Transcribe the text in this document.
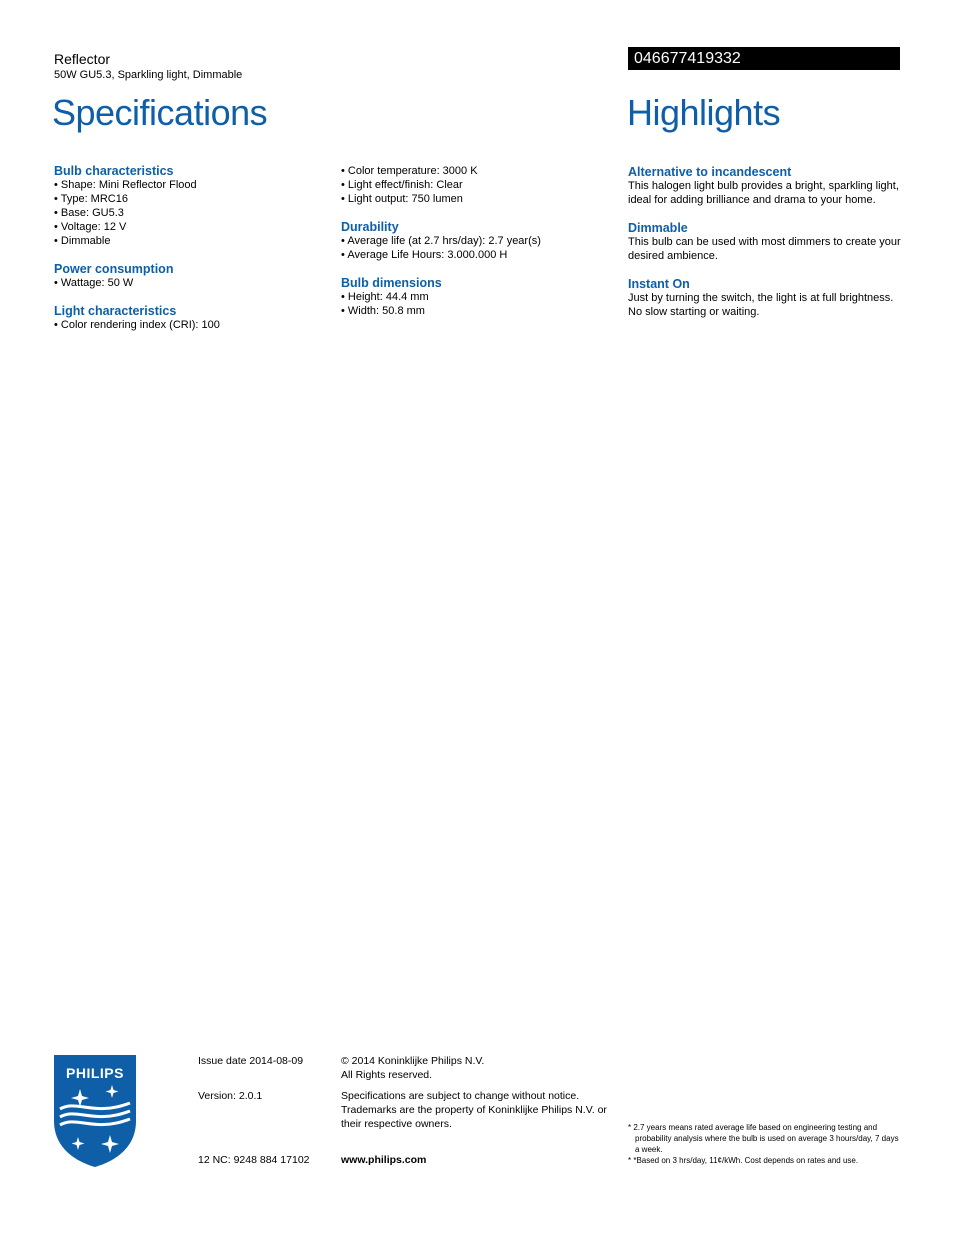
Reflector
50W GU5.3, Sparkling light, Dimmable
046677419332
Specifications	Highlights
Bulb characteristics
• Shape: Mini Reflector Flood
• Type: MRC16
• Base: GU5.3
• Voltage: 12 V
• Dimmable
Power consumption
• Wattage: 50 W
Light characteristics
• Color rendering index (CRI): 100
• Color temperature: 3000 K
• Light effect/finish: Clear
• Light output: 750 lumen
Durability
• Average life (at 2.7 hrs/day): 2.7 year(s)
• Average Life Hours: 3.000.000 H
Bulb dimensions
• Height: 44.4 mm
• Width: 50.8 mm
Alternative to incandescent
This halogen light bulb provides a bright, sparkling light, ideal for adding brilliance and drama to your home.
Dimmable
This bulb can be used with most dimmers to create your desired ambience.
Instant On
Just by turning the switch, the light is at full brightness. No slow starting or waiting.
PHILIPS
Issue date 2014-08-09
Version: 2.0.1
12 NC: 9248 884 17102
© 2014 Koninklijke Philips N.V.
All Rights reserved.
Specifications are subject to change without notice. Trademarks are the property of Koninklijke Philips N.V. or their respective owners.
www.philips.com
* 2.7 years means rated average life based on engineering testing and probability analysis where the bulb is used on average 3 hours/day, 7 days a week.
* *Based on 3 hrs/day, 11¢/kWh. Cost depends on rates and use.
